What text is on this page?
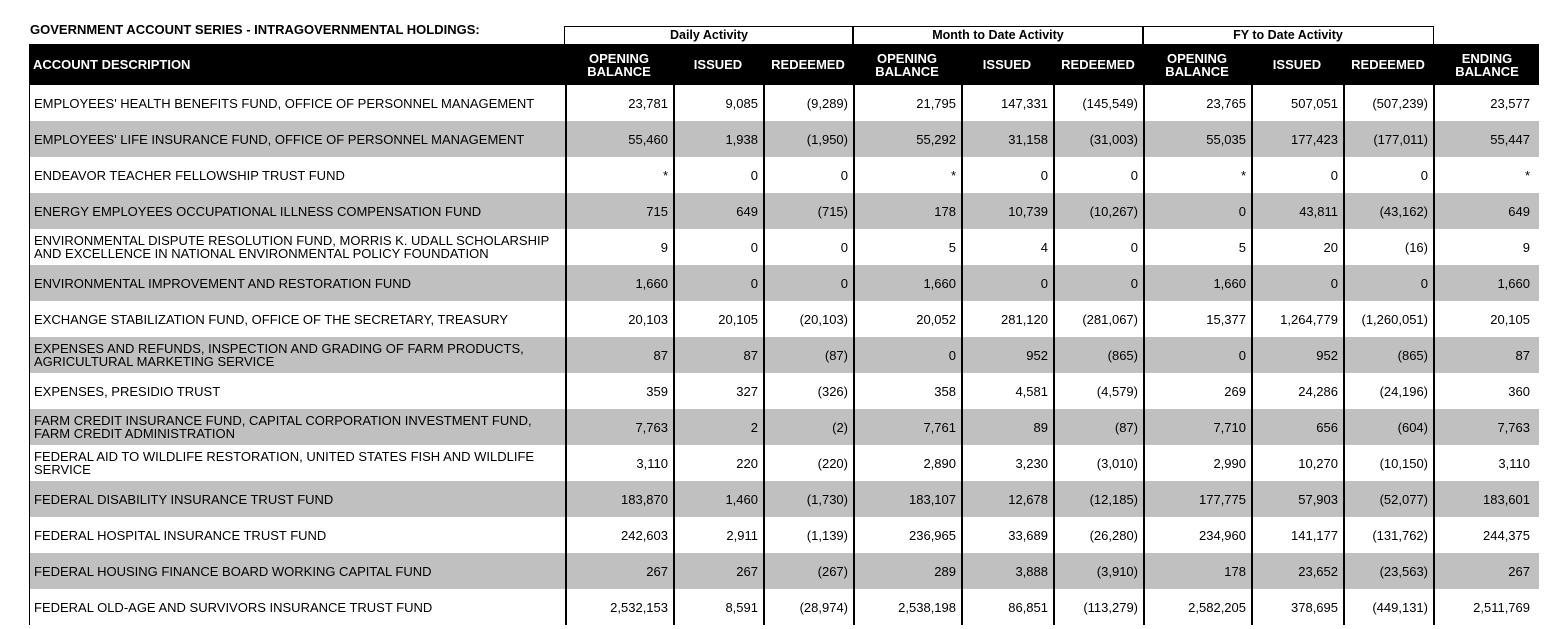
GOVERNMENT ACCOUNT SERIES - INTRAGOVERNMENTAL HOLDINGS:	Daily Activity	Month to Date Activity	FY to Date Activity
ACCOUNT DESCRIPTION	OPENING BALANCE	ISSUED	REDEEMED	OPENING BALANCE	ISSUED	REDEEMED	OPENING BALANCE	ISSUED	REDEEMED	ENDING BALANCE
EMPLOYEES' HEALTH BENEFITS FUND, OFFICE OF PERSONNEL MANAGEMENT	23,781	9,085	(9,289)	21,795	147,331	(145,549)	23,765	507,051	(507,239)	23,577
EMPLOYEES' LIFE INSURANCE FUND, OFFICE OF PERSONNEL MANAGEMENT	55,460	1,938	(1,950)	55,292	31,158	(31,003)	55,035	177,423	(177,011)	55,447
ENDEAVOR TEACHER FELLOWSHIP TRUST FUND	*	0	0	*	0	0	*	0	0	*
ENERGY EMPLOYEES OCCUPATIONAL ILLNESS COMPENSATION FUND	715	649	(715)	178	10,739	(10,267)	0	43,811	(43,162)	649
ENVIRONMENTAL DISPUTE RESOLUTION FUND, MORRIS K. UDALL SCHOLARSHIP AND EXCELLENCE IN NATIONAL ENVIRONMENTAL POLICY FOUNDATION	9	0	0	5	4	0	5	20	(16)	9
ENVIRONMENTAL IMPROVEMENT AND RESTORATION FUND	1,660	0	0	1,660	0	0	1,660	0	0	1,660
EXCHANGE STABILIZATION FUND, OFFICE OF THE SECRETARY, TREASURY	20,103	20,105	(20,103)	20,052	281,120	(281,067)	15,377	1,264,779	(1,260,051)	20,105
EXPENSES AND REFUNDS, INSPECTION AND GRADING OF FARM PRODUCTS, AGRICULTURAL MARKETING SERVICE	87	87	(87)	0	952	(865)	0	952	(865)	87
EXPENSES, PRESIDIO TRUST	359	327	(326)	358	4,581	(4,579)	269	24,286	(24,196)	360
FARM CREDIT INSURANCE FUND, CAPITAL CORPORATION INVESTMENT FUND, FARM CREDIT ADMINISTRATION	7,763	2	(2)	7,761	89	(87)	7,710	656	(604)	7,763
FEDERAL AID TO WILDLIFE RESTORATION, UNITED STATES FISH AND WILDLIFE SERVICE	3,110	220	(220)	2,890	3,230	(3,010)	2,990	10,270	(10,150)	3,110
FEDERAL DISABILITY INSURANCE TRUST FUND	183,870	1,460	(1,730)	183,107	12,678	(12,185)	177,775	57,903	(52,077)	183,601
FEDERAL HOSPITAL INSURANCE TRUST FUND	242,603	2,911	(1,139)	236,965	33,689	(26,280)	234,960	141,177	(131,762)	244,375
FEDERAL HOUSING FINANCE BOARD WORKING CAPITAL FUND	267	267	(267)	289	3,888	(3,910)	178	23,652	(23,563)	267
FEDERAL OLD-AGE AND SURVIVORS INSURANCE TRUST FUND	2,532,153	8,591	(28,974)	2,538,198	86,851	(113,279)	2,582,205	378,695	(449,131)	2,511,769
